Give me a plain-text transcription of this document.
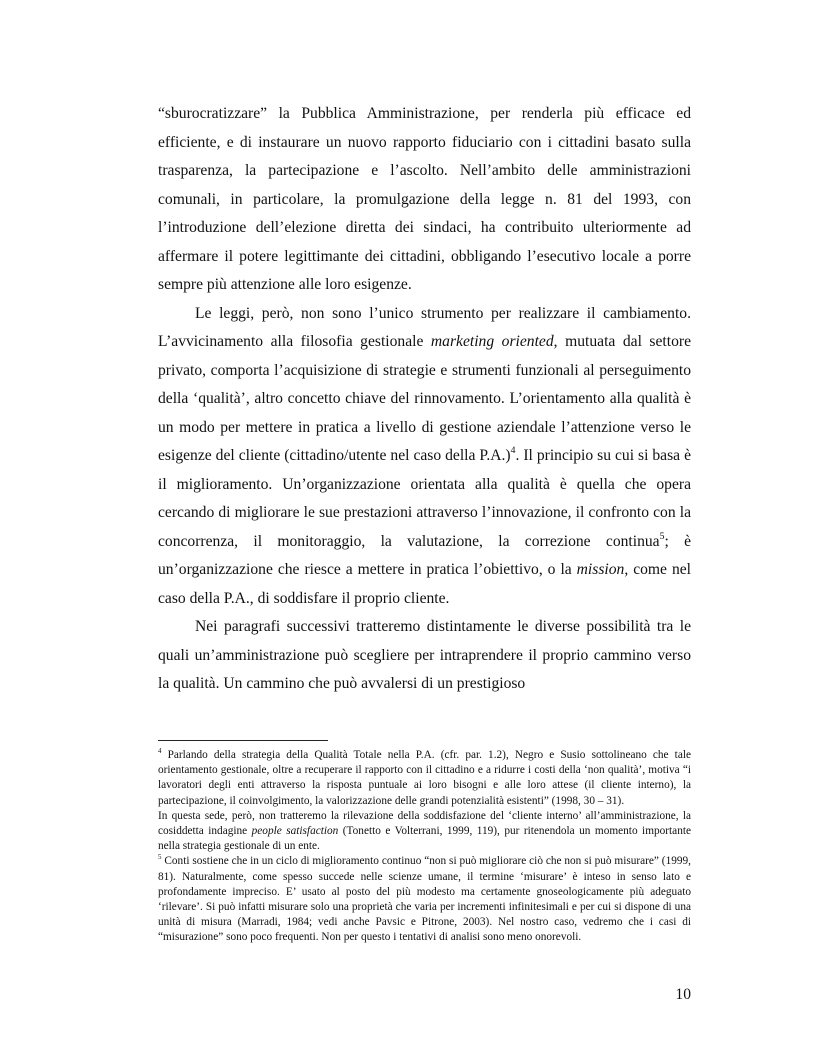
“sburocratizzare” la Pubblica Amministrazione, per renderla più efficace ed efficiente, e di instaurare un nuovo rapporto fiduciario con i cittadini basato sulla trasparenza, la partecipazione e l’ascolto. Nell’ambito delle amministrazioni comunali, in particolare, la promulgazione della legge n. 81 del 1993, con l’introduzione dell’elezione diretta dei sindaci, ha contribuito ulteriormente ad affermare il potere legittimante dei cittadini, obbligando l’esecutivo locale a porre sempre più attenzione alle loro esigenze.

Le leggi, però, non sono l’unico strumento per realizzare il cambiamento. L’avvicinamento alla filosofia gestionale marketing oriented, mutuata dal settore privato, comporta l’acquisizione di strategie e strumenti funzionali al perseguimento della ‘qualità’, altro concetto chiave del rinnovamento. L’orientamento alla qualità è un modo per mettere in pratica a livello di gestione aziendale l’attenzione verso le esigenze del cliente (cittadino/utente nel caso della P.A.)$^4$. Il principio su cui si basa è il miglioramento. Un’organizzazione orientata alla qualità è quella che opera cercando di migliorare le sue prestazioni attraverso l’innovazione, il confronto con la concorrenza, il monitoraggio, la valutazione, la correzione continua$^5$; è un’organizzazione che riesce a mettere in pratica l’obiettivo, o la mission, come nel caso della P.A., di soddisfare il proprio cliente.

Nei paragrafi successivi tratteremo distintamente le diverse possibilità tra le quali un’amministrazione può scegliere per intraprendere il proprio cammino verso la qualità. Un cammino che può avvalersi di un prestigioso

$^4$ Parlando della strategia della Qualità Totale nella P.A. (cfr. par. 1.2), Negro e Susio sottolineano che tale orientamento gestionale, oltre a recuperare il rapporto con il cittadino e a ridurre i costi della ‘non qualità’, motiva “i lavoratori degli enti attraverso la risposta puntuale ai loro bisogni e alle loro attese (il cliente interno), la partecipazione, il coinvolgimento, la valorizzazione delle grandi potenzialità esistenti” (1998, 30 – 31).

In questa sede, però, non tratteremo la rilevazione della soddisfazione del ‘cliente interno’ all’amministrazione, la cosiddetta indagine people satisfaction (Tonetto e Volterrani, 1999, 119), pur ritenendola un momento importante nella strategia gestionale di un ente.

$^5$ Conti sostiene che in un ciclo di miglioramento continuo “non si può migliorare ciò che non si può misurare” (1999, 81). Naturalmente, come spesso succede nelle scienze umane, il termine ‘misurare’ è inteso in senso lato e profondamente impreciso. E’ usato al posto del più modesto ma certamente gnoseologicamente più adeguato ‘rilevare’. Si può infatti misurare solo una proprietà che varia per incrementi infinitesimali e per cui si dispone di una unità di misura (Marradi, 1984; vedi anche Pavsic e Pitrone, 2003). Nel nostro caso, vedremo che i casi di “misurazione” sono poco frequenti. Non per questo i tentativi di analisi sono meno onorevoli.

10
